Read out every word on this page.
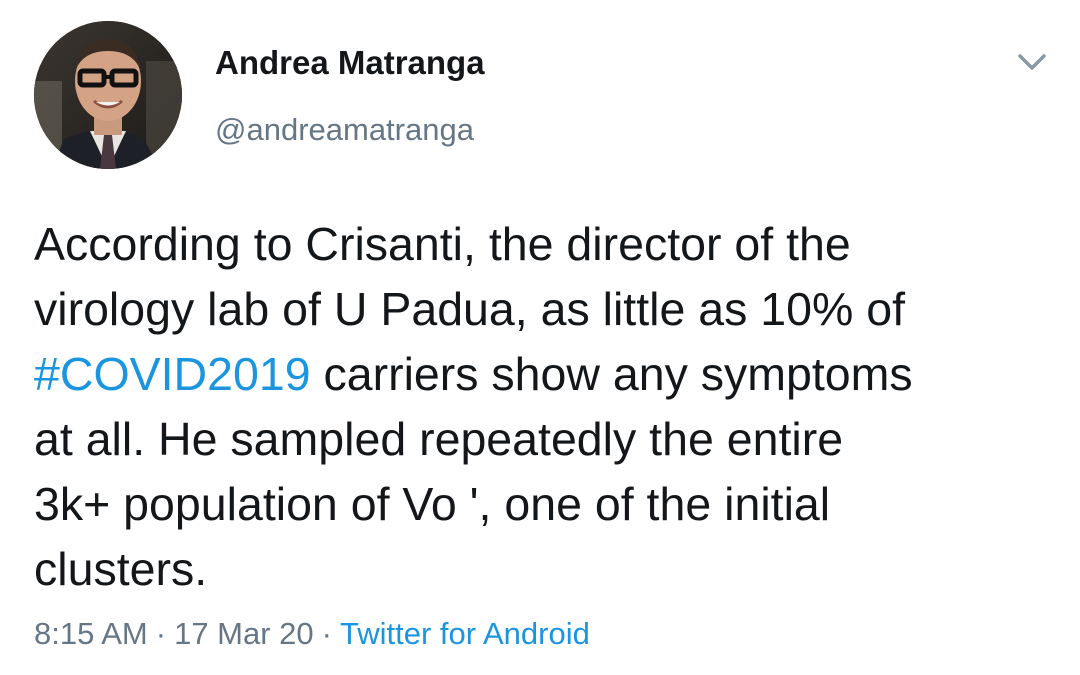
Andrea Matranga
@andreamatranga

According to Crisanti, the director of the
virology lab of U Padua, as little as 10% of
#COVID2019 carriers show any symptoms
at all. He sampled repeatedly the entire
3k+ population of Vo ', one of the initial
clusters.

8:15 AM · 17 Mar 20 · Twitter for Android
